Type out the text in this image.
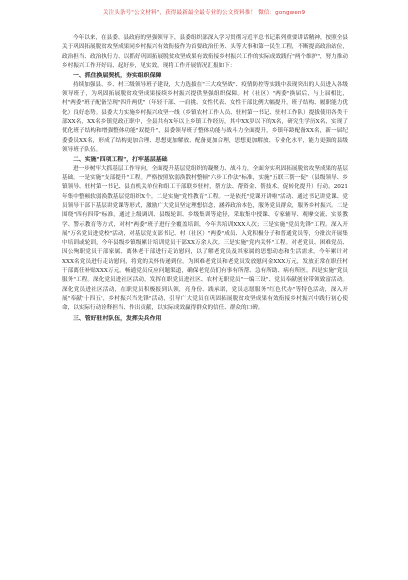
关注头条号"公文材料"，获得最新最全最专业的公文资料推！ 微信：gongwen9

今年以来，在县委、县政府的坚强领导下，县委组织部深入学习贯彻习近平总书记系列重要讲话精神，按照全县关于巩固拓展脱贫攻坚成果同乡村振兴有效衔接作为首要政治任务、头等大事和第一民生工程，不断提高政治站位，政治担当、政治执行力、以抓好巩固拓展脱贫攻坚成果有效衔接乡村振兴工作的实际成效践行"两个维护"，努力推动乡村振兴工作开好局、起好步，见实效。现将工作开展情况汇报如下：

一、抓住换届契机，夯实组织保障

持续加强县、乡、村三级领导班子建设，大力选拔在"三大攻坚战"、疫情防控等实践中表现突出的人员进入各级领导班子，为巩固拓展脱贫攻坚成果接续乡村振兴提供坚强组织保障。村（社区）"两委"换届后，与上届相比，村"两委"班子配备呈现"四升两优"（年轻干部、一肩挑、女性代表、女性干部比例大幅提升，班子结构、履职能力优化）良好态势。县委大力实施乡村振兴攻坚一线（乡镇农村工作人员、驻村第一书记、驻村工作队）提拔使用各类干部XX名，XX名乡镇党政正职中，全县共有X年以上乡镇工作经历，其中XX岁以下的X名，研究生学历X名，实现了优化班子结构和增强整体功能"双提升"，县委领导班子整体功能与战斗力全面提升，乡镇年龄配备XX名，新一届纪委委员XX名，形成了结构更加合理、思想更加解放、配备更加合理，思想更加解放、专业化水平，能力更强的县级领导班子队伍。

二、实施"四项工程"，打牢基层基础

进一步树牢大抓基层工作导向，全面提升基层党组织的凝聚力、战斗力，全面夯实巩固拓展脱贫攻坚成果的基层基础。一是实施"支部提升"工程。严格按照软弱涣散村整顿"六步工作法"标准，实施"五联三帮一促"（县级领导、乡镇领导、驻村第一书记、县直机关单位和组工干部联乡驻村，帮方法、帮资金、帮技术，促转化提升）行动，2021年集中整顿软弱涣散基层党组织X个。二是实施"党性教育"工程。一是依托"党课开讲啦"活动、通过书记讲党课、党员领导干部下基层讲党课等形式，激励广大党员坚定理想信念，涵养政治本色，服务党员群众，服务乡村振兴。二是围绕"四有四带"标准，通过上级调训、县级轮训、乡级集训等途径，采取集中授课、专家辅导、观摩交流、实景教学、警示教育等方式，对村"两委"班子进行全覆盖培训，今年共培训XXX人次；三是实施"党员先锋"工程。深入开展"万名党员进党校"活动，对基层党支部书记、村（社区）"两委"成员、入党积极分子和普通党员等，分批次开展集中培训或轮训，今年县级乡镇级累计培训党员干部XX万余人次。三是实施"党内关怀"工程。对老党员、困难党员、因公殉职党员干部家属、离休老干部进行走访慰问，以了解老党员及其家属的思想动态和生活需求，今年累计对XXX名党员进行走访慰问，将党的关怀传递到位。为困难老党员和老党员发放慰问金XXX万元，发放正常在职任村干部离任补贴XXX万元。畅通党员反应问题渠道，确保老党员们有事有所帮、急有所助、病有所医。四是实施"党员服务"工程。深化党员进社区活动，发挥在职党员进社区、农村无职党员"一编三设"、党员奉献创业带领致富活动。深化党员进社区活动，在职党员积极报到认领，亮身份、践承诺，党员志愿服务"红色代办"等特色活动，深入开展"奉献'十四五'，乡村振兴当先锋"活动，引导广大党员在巩固拓展脱贫攻坚成果有效衔接乡村振兴中践行初心使命，以实际行动诠释担当、作出贡献，以实际成效赢得群众的信任、群众的口碑。

三、管好驻村队伍，发挥尖兵作用
